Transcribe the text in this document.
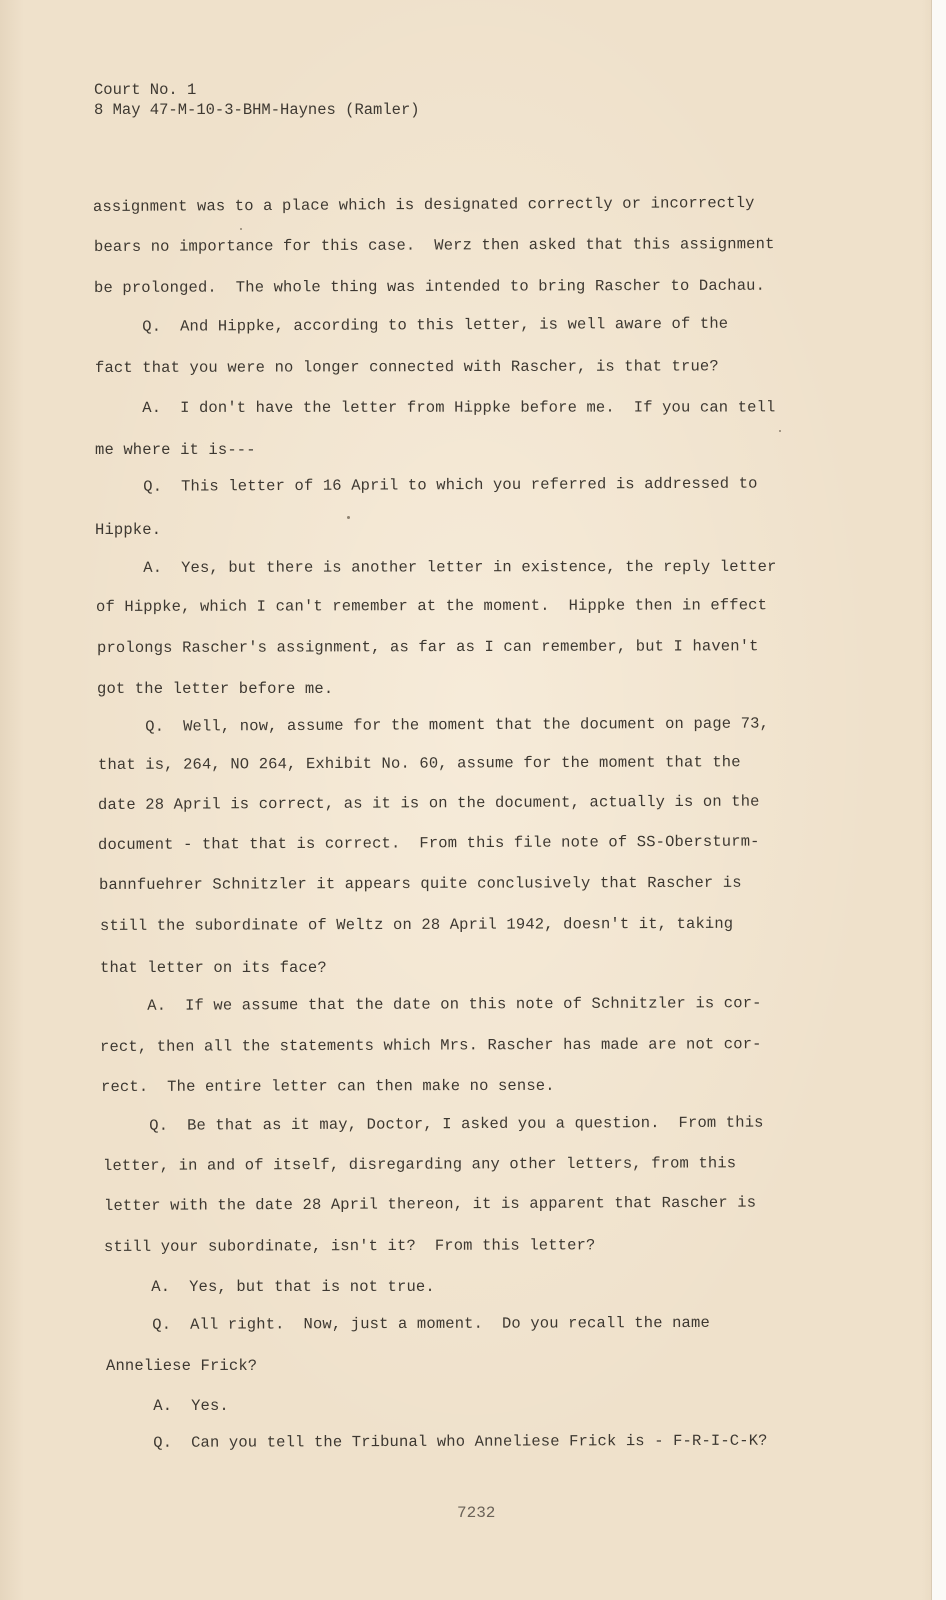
Court No. 1
8 May 47-M-10-3-BHM-Haynes (Ramler)
assignment was to a place which is designated correctly or incorrectly
bears no importance for this case.  Werz then asked that this assignment
be prolonged.  The whole thing was intended to bring Rascher to Dachau.
Q.  And Hippke, according to this letter, is well aware of the
fact that you were no longer connected with Rascher, is that true?
A.  I don't have the letter from Hippke before me.  If you can tell
me where it is---
Q.  This letter of 16 April to which you referred is addressed to
Hippke.
A.  Yes, but there is another letter in existence, the reply letter
of Hippke, which I can't remember at the moment.  Hippke then in effect
prolongs Rascher's assignment, as far as I can remember, but I haven't
got the letter before me.
Q.  Well, now, assume for the moment that the document on page 73,
that is, 264, NO 264, Exhibit No. 60, assume for the moment that the
date 28 April is correct, as it is on the document, actually is on the
document - that that is correct.  From this file note of SS-Obersturm-
bannfuehrer Schnitzler it appears quite conclusively that Rascher is
still the subordinate of Weltz on 28 April 1942, doesn't it, taking
that letter on its face?
A.  If we assume that the date on this note of Schnitzler is cor-
rect, then all the statements which Mrs. Rascher has made are not cor-
rect.  The entire letter can then make no sense.
Q.  Be that as it may, Doctor, I asked you a question.  From this
letter, in and of itself, disregarding any other letters, from this
letter with the date 28 April thereon, it is apparent that Rascher is
still your subordinate, isn't it?  From this letter?
A.  Yes, but that is not true.
Q.  All right.  Now, just a moment.  Do you recall the name
Anneliese Frick?
A.  Yes.
Q.  Can you tell the Tribunal who Anneliese Frick is - F-R-I-C-K?
7232
